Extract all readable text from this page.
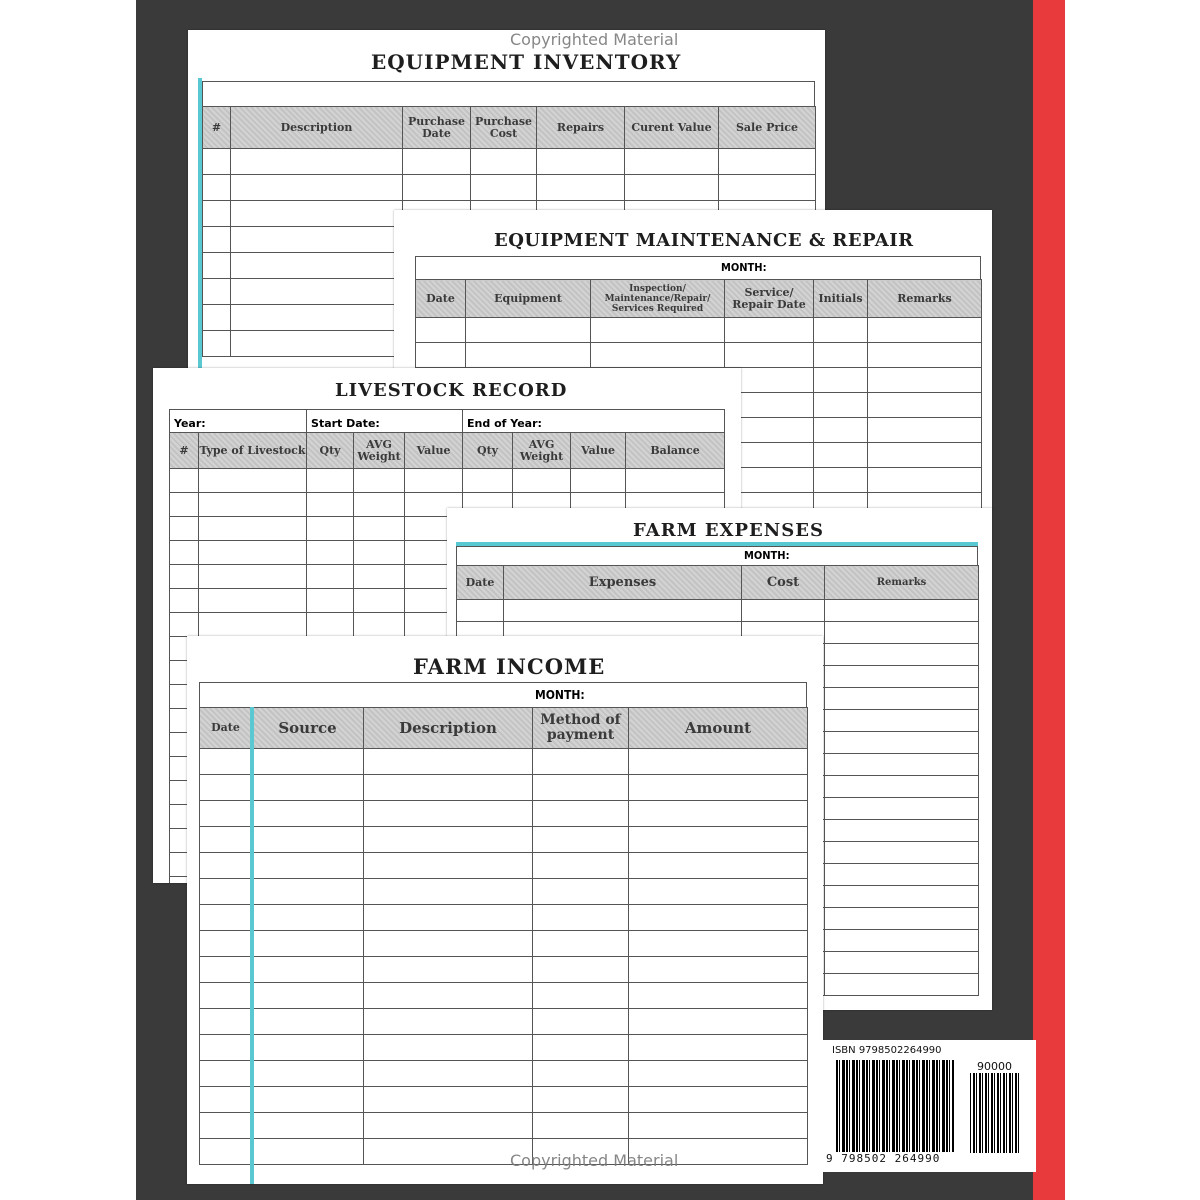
EQUIPMENT INVENTORY
#	Description	Purchase Date	Purchase Cost	Repairs	Curent Value	Sale Price

EQUIPMENT MAINTENANCE & REPAIR
MONTH:
Date	Equipment	Inspection/ Maintenance/Repair/ Services Required	Service/ Repair Date	Initials	Remarks

LIVESTOCK RECORD
Year:		Start Date:			End of Year:			
#	Type of Livestock	Qty	AVG Weight	Value	Qty	AVG Weight	Value	Balance

FARM EXPENSES
MONTH:
Date	Expenses	Cost	Remarks

FARM INCOME
MONTH:
Date	Source	Description	Method of payment	Amount

Copyrighted Material
Copyrighted Material
ISBN 9798502264990
90000
9 798502 264990
